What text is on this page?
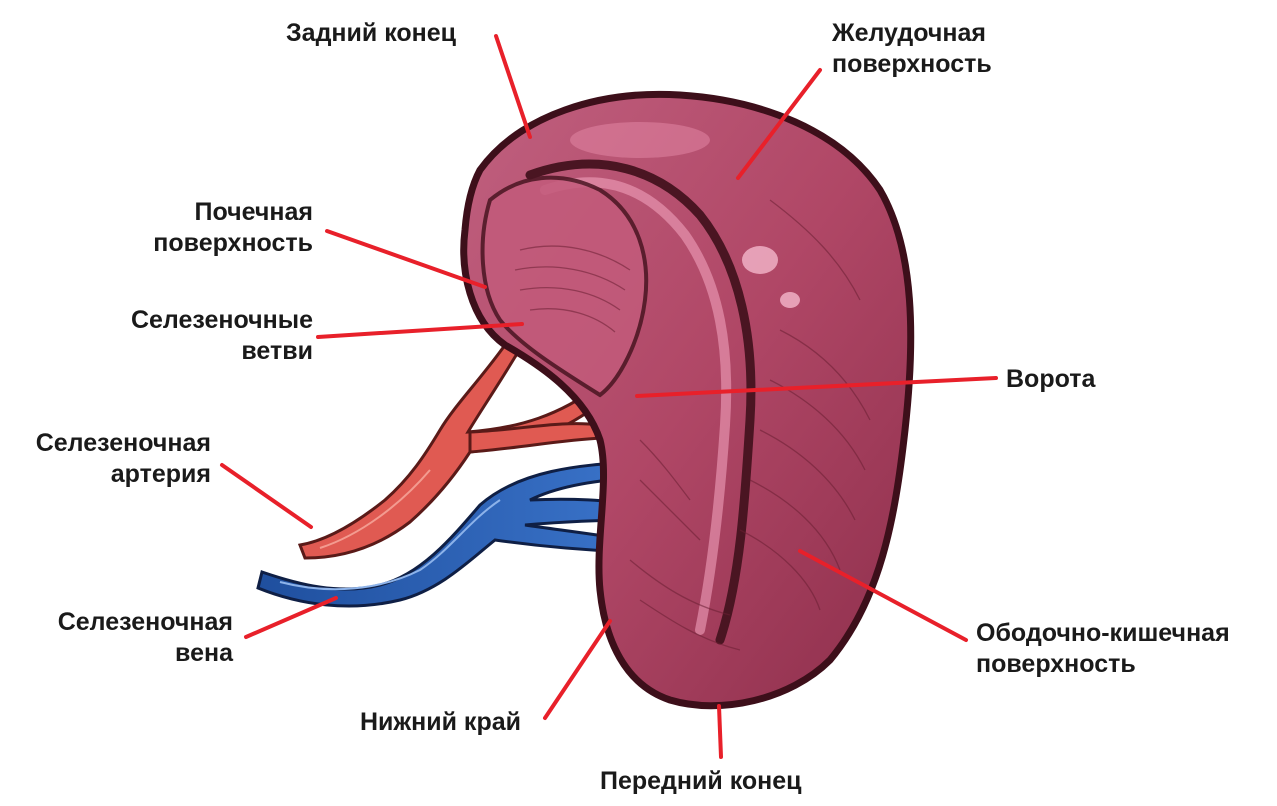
Задний конец	Желудочная
поверхность
Почечная
поверхность
Селезеночные
ветви
Ворота
Селезеночная
артерия
Селезеночная
вена
Ободочно-кишечная
поверхность
Нижний край
Передний конец
